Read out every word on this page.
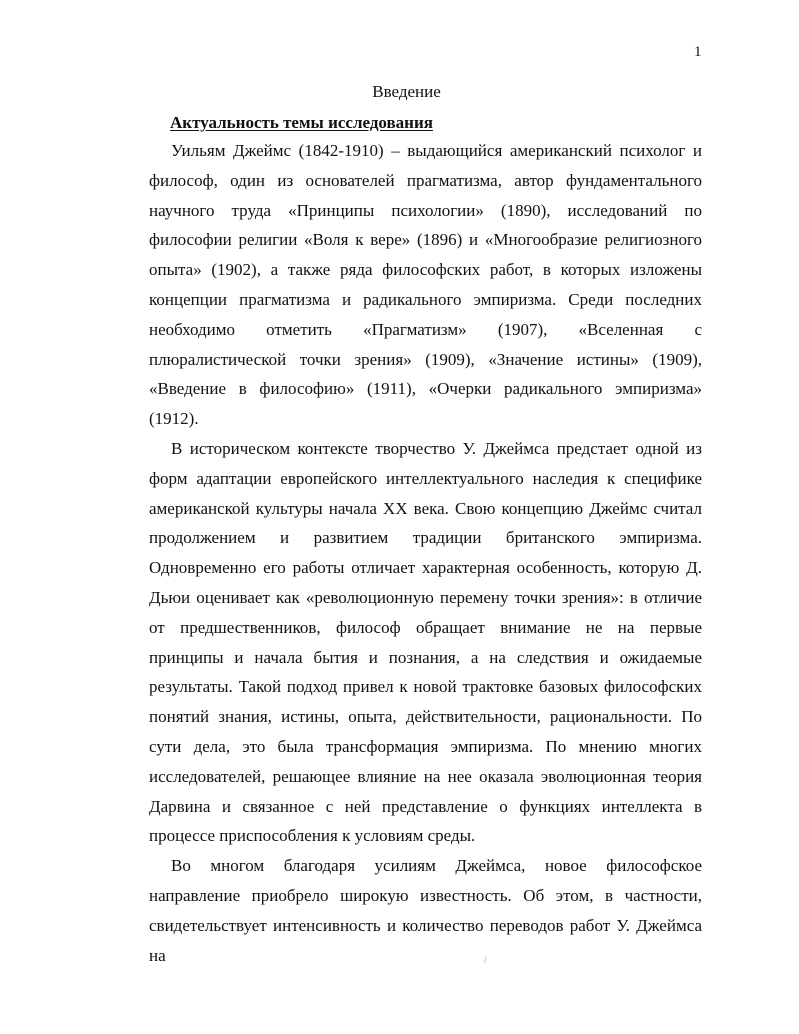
1
Введение
Актуальность темы исследования

Уильям Джеймс (1842-1910) – выдающийся американский психолог и философ, один из основателей прагматизма, автор фундаментального научного труда «Принципы психологии» (1890), исследований по философии религии «Воля к вере» (1896) и «Многообразие религиозного опыта» (1902), а также ряда философских работ, в которых изложены концепции прагматизма и радикального эмпиризма. Среди последних необходимо отметить «Прагматизм» (1907), «Вселенная с плюралистической точки зрения» (1909), «Значение истины» (1909), «Введение в философию» (1911), «Очерки радикального эмпиризма» (1912).

В историческом контексте творчество У. Джеймса предстает одной из форм адаптации европейского интеллектуального наследия к специфике американской культуры начала XX века. Свою концепцию Джеймс считал продолжением и развитием традиции британского эмпиризма. Одновременно его работы отличает характерная особенность, которую Д. Дьюи оценивает как «революционную перемену точки зрения»: в отличие от предшественников, философ обращает внимание не на первые принципы и начала бытия и познания, а на следствия и ожидаемые результаты. Такой подход привел к новой трактовке базовых философских понятий знания, истины, опыта, действительности, рациональности. По сути дела, это была трансформация эмпиризма. По мнению многих исследователей, решающее влияние на нее оказала эволюционная теория Дарвина и связанное с ней представление о функциях интеллекта в процессе приспособления к условиям среды.

Во многом благодаря усилиям Джеймса, новое философское направление приобрело широкую известность. Об этом, в частности, свидетельствует интенсивность и количество переводов работ У. Джеймса на	/
